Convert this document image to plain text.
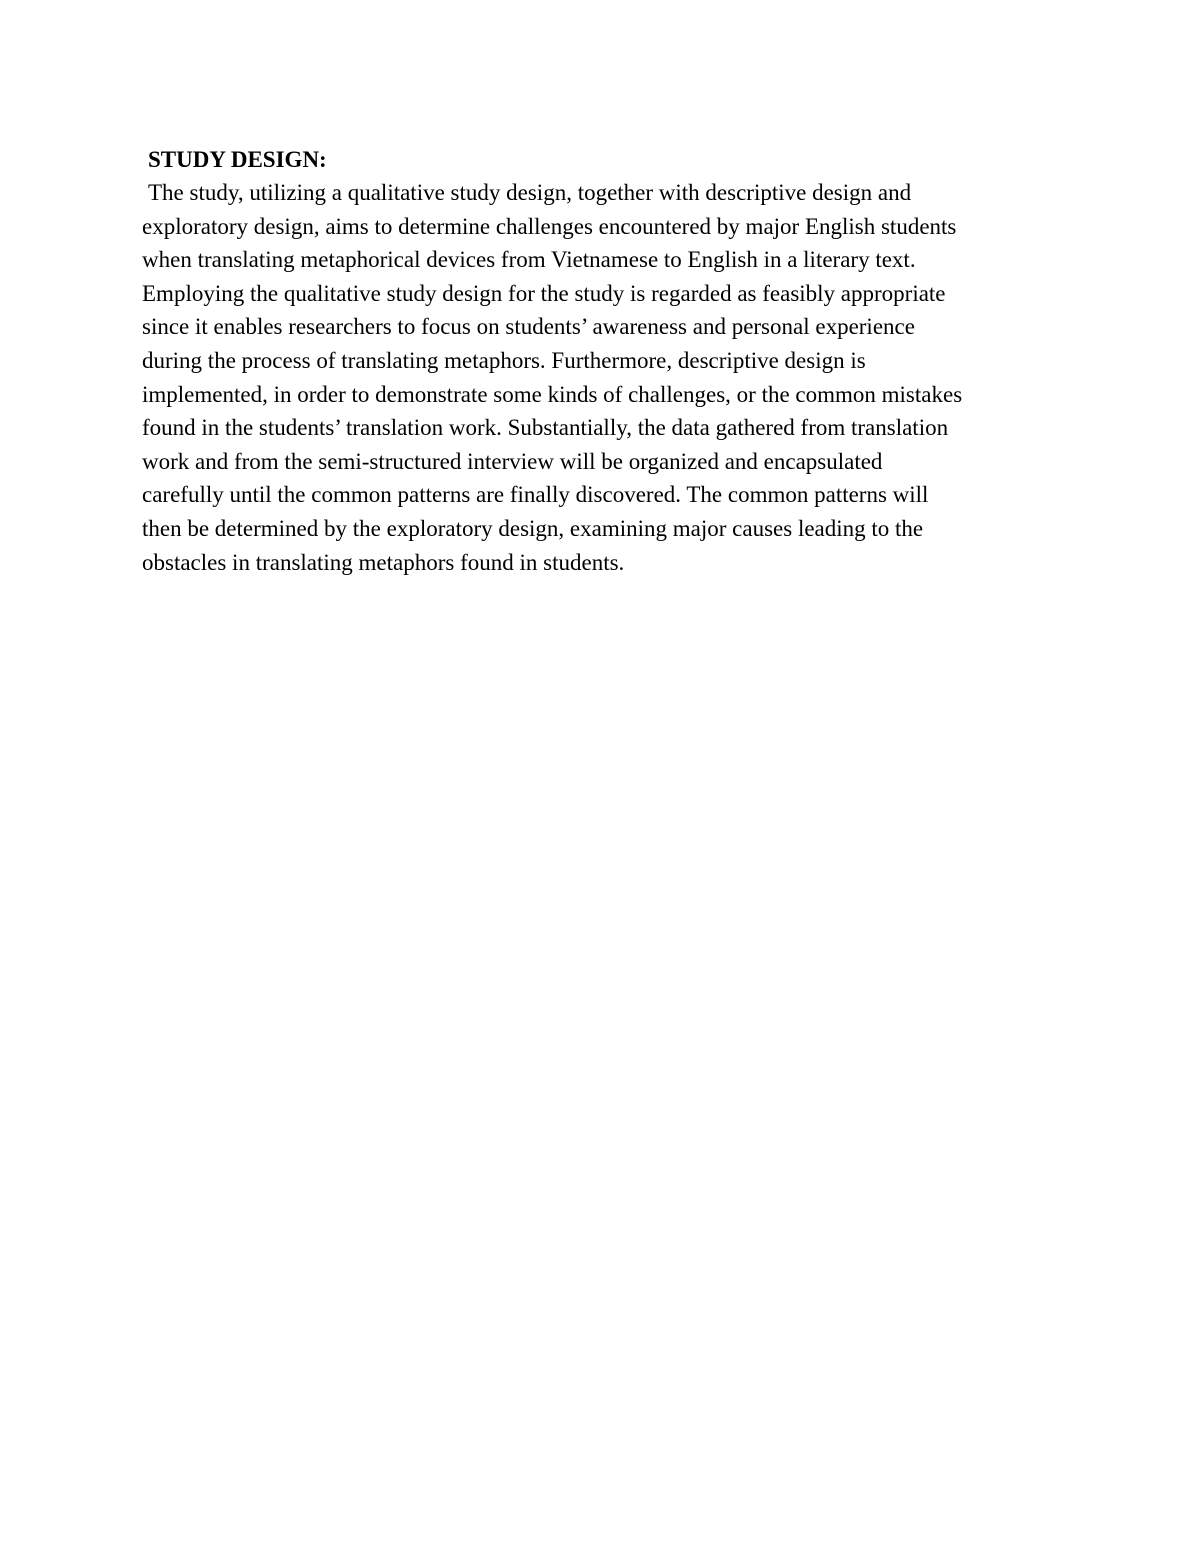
STUDY DESIGN:
The study, utilizing a qualitative study design, together with descriptive design and
exploratory design, aims to determine challenges encountered by major English students
when translating metaphorical devices from Vietnamese to English in a literary text.
Employing the qualitative study design for the study is regarded as feasibly appropriate
since it enables researchers to focus on students’ awareness and personal experience
during the process of translating metaphors. Furthermore, descriptive design is
implemented, in order to demonstrate some kinds of challenges, or the common mistakes
found in the students’ translation work. Substantially, the data gathered from translation
work and from the semi-structured interview will be organized and encapsulated
carefully until the common patterns are finally discovered. The common patterns will
then be determined by the exploratory design, examining major causes leading to the
obstacles in translating metaphors found in students.
